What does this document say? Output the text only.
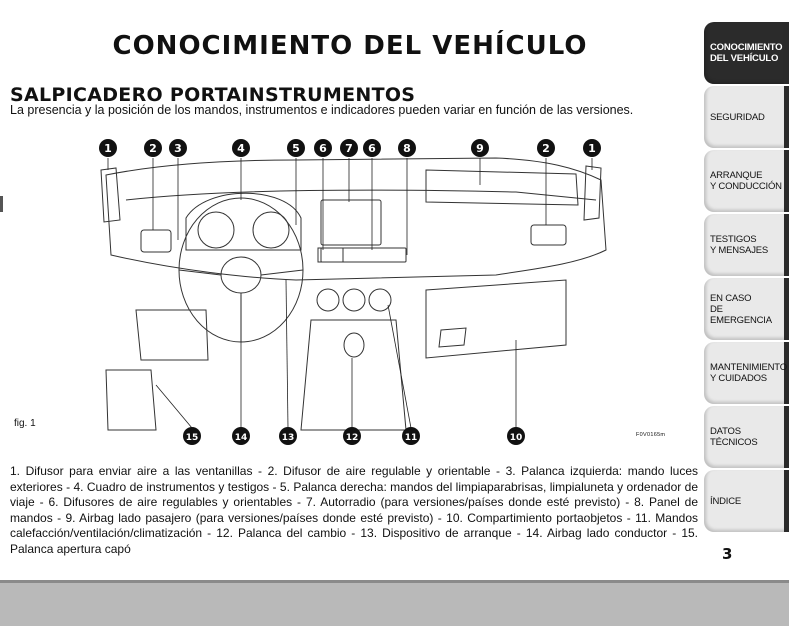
CONOCIMIENTO DEL VEHÍCULO
SALPICADERO PORTAINSTRUMENTOS

La presencia y la posición de los mandos, instrumentos e indicadores pueden variar en función de las versiones.

CONOCIMIENTO
DEL VEHÍCULO
SEGURIDAD
ARRANQUE
Y CONDUCCIÓN
TESTIGOS
Y MENSAJES
EN CASO
DE EMERGENCIA
MANTENIMIENTO
Y CUIDADOS
DATOS TÉCNICOS
ÍNDICE
1	2 3	4	5 6 7 6 8	9	2	1
15	14	13	12	11	10
fig. 1
F0V0165m

1. Difusor para enviar aire a las ventanillas - 2. Difusor de aire regulable y orientable - 3. Palanca izquierda: mando luces exteriores - 4. Cuadro de instrumentos y testigos - 5. Palanca derecha: mandos del limpiaparabrisas, limpialuneta y ordenador de viaje - 6. Difusores de aire regulables y orientables - 7. Autorradio (para versiones/países donde esté previsto) - 8. Panel de mandos - 9. Airbag lado pasajero (para versiones/países donde esté previsto) - 10. Compartimiento portaobjetos - 11. Mandos calefacción/ventilación/climatización - 12. Palanca del cambio - 13. Dispositivo de arranque - 14. Airbag lado conductor - 15. Palanca apertura capó	3
